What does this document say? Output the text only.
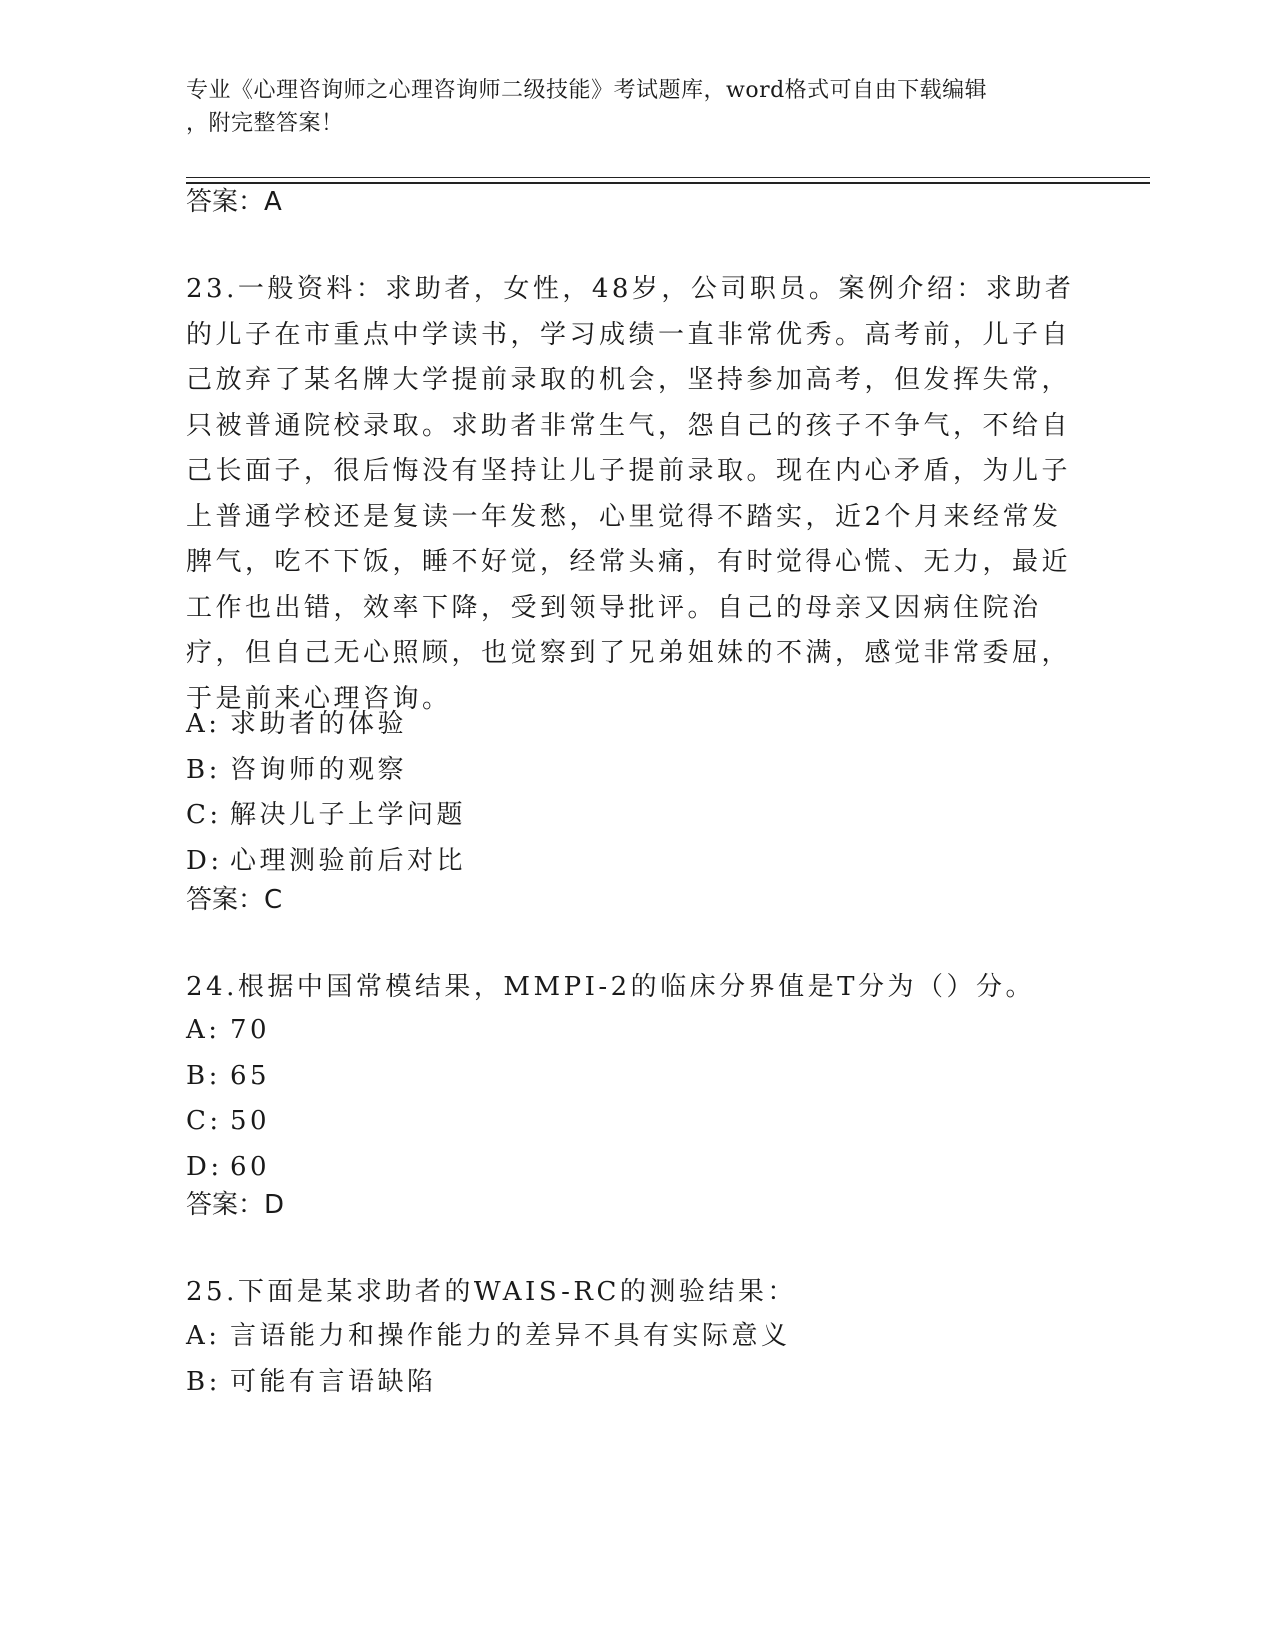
专业《心理咨询师之心理咨询师二级技能》考试题库，word格式可自由下载编辑
，附完整答案！
答案：A
23.一般资料：求助者，女性，48岁，公司职员。案例介绍：求助者的儿子在市重点中学读书，学习成绩一直非常优秀。高考前，儿子自己放弃了某名牌大学提前录取的机会，坚持参加高考，但发挥失常，只被普通院校录取。求助者非常生气，怨自己的孩子不争气，不给自己长面子，很后悔没有坚持让儿子提前录取。现在内心矛盾，为儿子上普通学校还是复读一年发愁，心里觉得不踏实，近2个月来经常发脾气，吃不下饭，睡不好觉，经常头痛，有时觉得心慌、无力，最近工作也出错，效率下降，受到领导批评。自己的母亲又因病住院治疗，但自己无心照顾，也觉察到了兄弟姐妹的不满，感觉非常委屈，于是前来心理咨询。
A: 求助者的体验
B: 咨询师的观察
C: 解决儿子上学问题
D: 心理测验前后对比
答案：C
24.根据中国常模结果，MMPI-2的临床分界值是T分为（）分。
A: 70
B: 65
C: 50
D: 60
答案：D
25.下面是某求助者的WAIS-RC的测验结果：
A: 言语能力和操作能力的差异不具有实际意义
B: 可能有言语缺陷
